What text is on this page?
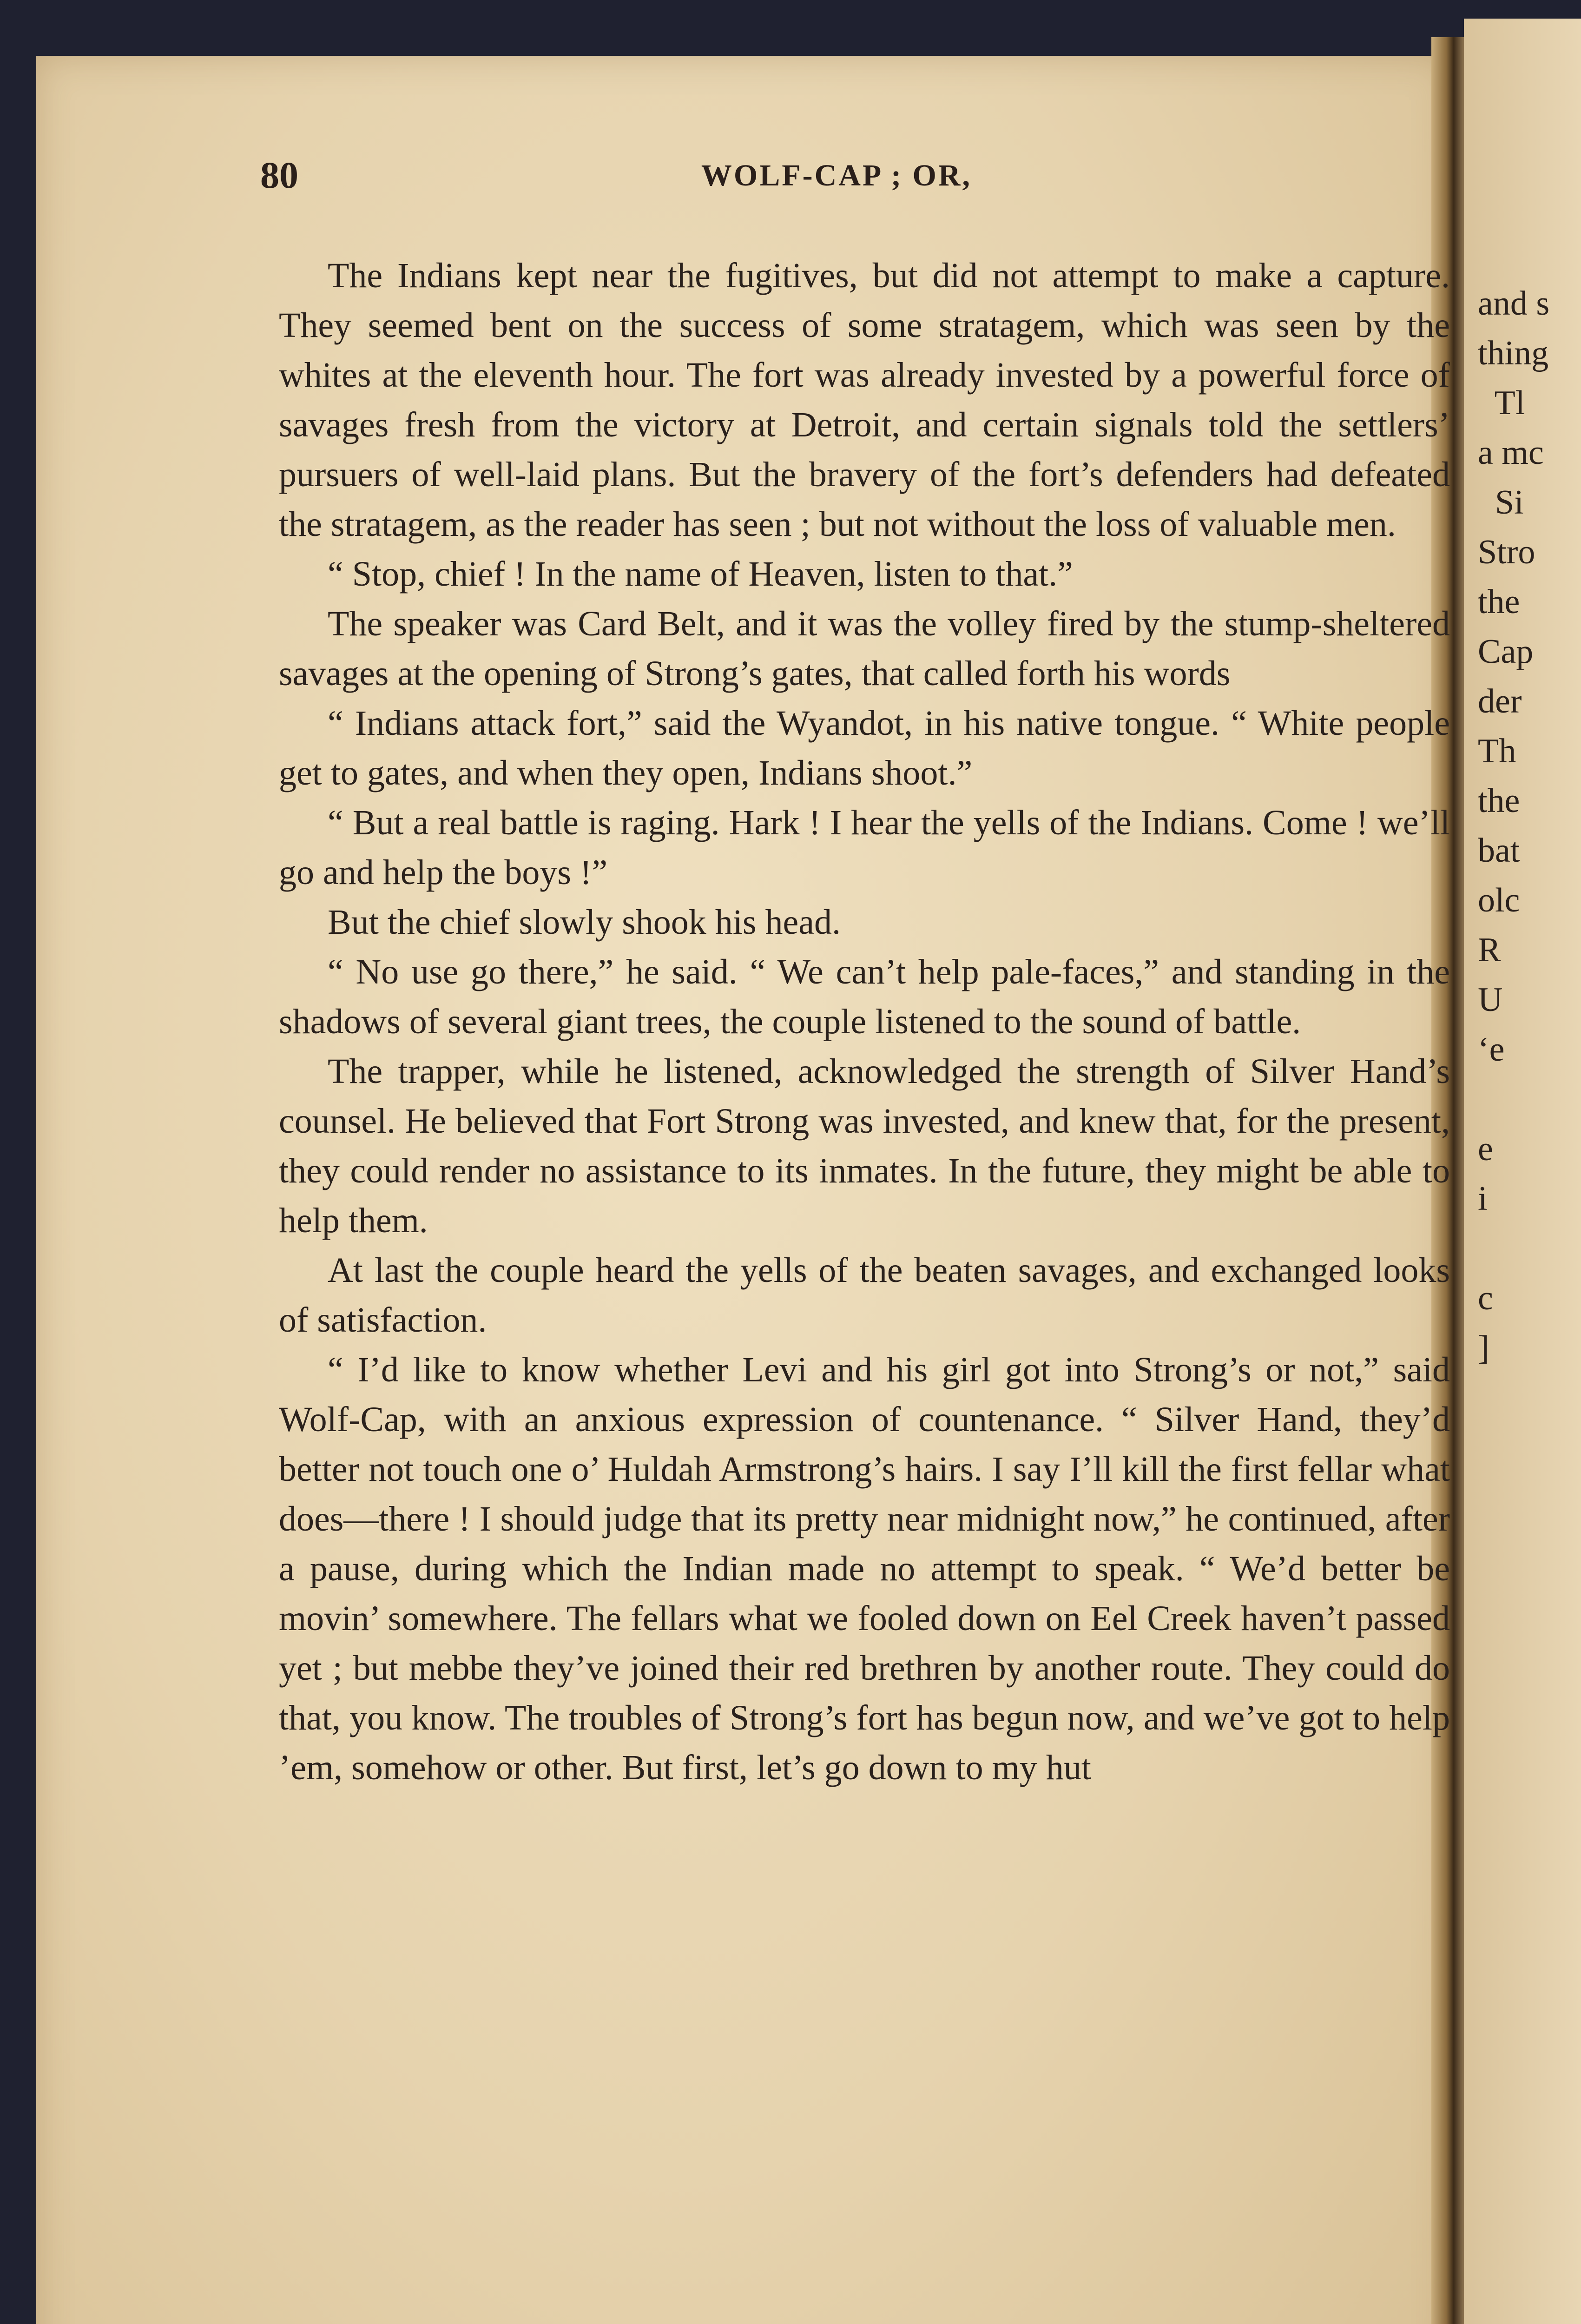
and s
thing
Tl
a mc
Si
Stro
the
Cap
der
Th
the
bat
olc
R
U
‘e

e
i

c
]
80	WOLF-CAP ; OR,

The Indians kept near the fugitives, but did not attempt to make a capture. They seemed bent on the success of some stratagem, which was seen by the whites at the eleventh hour. The fort was already invested by a powerful force of savages fresh from the victory at Detroit, and certain signals told the settlers’ pursuers of well-laid plans. But the bravery of the fort’s defenders had defeated the stratagem, as the reader has seen ; but not without the loss of valuable men.

“ Stop, chief ! In the name of Heaven, listen to that.”

The speaker was Card Belt, and it was the volley fired by the stump-sheltered savages at the opening of Strong’s gates, that called forth his words

“ Indians attack fort,” said the Wyandot, in his native tongue. “ White people get to gates, and when they open, Indians shoot.”

“ But a real battle is raging. Hark ! I hear the yells of the Indians. Come ! we’ll go and help the boys !”

But the chief slowly shook his head.

“ No use go there,” he said. “ We can’t help pale-faces,” and standing in the shadows of several giant trees, the couple listened to the sound of battle.

The trapper, while he listened, acknowledged the strength of Silver Hand’s counsel. He believed that Fort Strong was invested, and knew that, for the present, they could render no assistance to its inmates. In the future, they might be able to help them.

At last the couple heard the yells of the beaten savages, and exchanged looks of satisfaction.

“ I’d like to know whether Levi and his girl got into Strong’s or not,” said Wolf-Cap, with an anxious expression of countenance. “ Silver Hand, they’d better not touch one o’ Huldah Armstrong’s hairs. I say I’ll kill the first fellar what does—there ! I should judge that its pretty near midnight now,” he continued, after a pause, during which the Indian made no attempt to speak. “ We’d better be movin’ somewhere. The fellars what we fooled down on Eel Creek haven’t passed yet ; but mebbe they’ve joined their red brethren by another route. They could do that, you know. The troubles of Strong’s fort has begun now, and we’ve got to help ’em, somehow or other. But first, let’s go down to my hut
